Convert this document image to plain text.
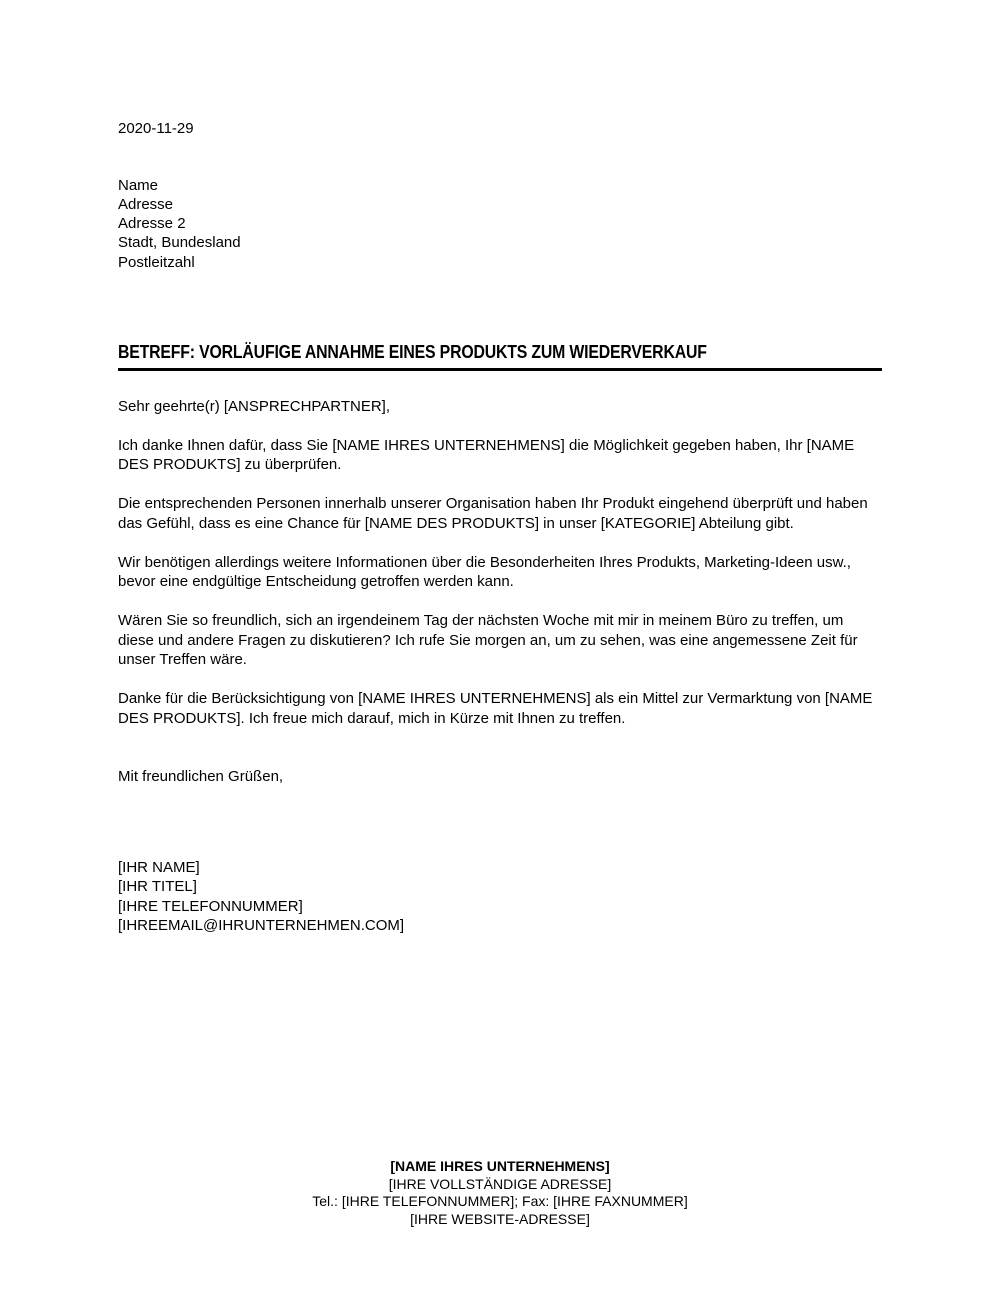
2020-11-29
Name
Adresse
Adresse 2
Stadt, Bundesland
Postleitzahl
BETREFF: VORLÄUFIGE ANNAHME EINES PRODUKTS ZUM WIEDERVERKAUF
Sehr geehrte(r) [ANSPRECHPARTNER],

Ich danke Ihnen dafür, dass Sie [NAME IHRES UNTERNEHMENS] die Möglichkeit gegeben haben, Ihr [NAME DES PRODUKTS] zu überprüfen.

Die entsprechenden Personen innerhalb unserer Organisation haben Ihr Produkt eingehend überprüft und haben das Gefühl, dass es eine Chance für [NAME DES PRODUKTS] in unser [KATEGORIE] Abteilung gibt.

Wir benötigen allerdings weitere Informationen über die Besonderheiten Ihres Produkts, Marketing-Ideen usw., bevor eine endgültige Entscheidung getroffen werden kann.

Wären Sie so freundlich, sich an irgendeinem Tag der nächsten Woche mit mir in meinem Büro zu treffen, um diese und andere Fragen zu diskutieren? Ich rufe Sie morgen an, um zu sehen, was eine angemessene Zeit für unser Treffen wäre.

Danke für die Berücksichtigung von [NAME IHRES UNTERNEHMENS] als ein Mittel zur Vermarktung von [NAME DES PRODUKTS]. Ich freue mich darauf, mich in Kürze mit Ihnen zu treffen.

Mit freundlichen Grüßen,
[IHR NAME]
[IHR TITEL]
[IHRE TELEFONNUMMER]
[IHREEMAIL@IHRUNTERNEHMEN.COM]
[NAME IHRES UNTERNEHMENS]
[IHRE VOLLSTÄNDIGE ADRESSE]
Tel.: [IHRE TELEFONNUMMER]; Fax: [IHRE FAXNUMMER]
[IHRE WEBSITE-ADRESSE]
